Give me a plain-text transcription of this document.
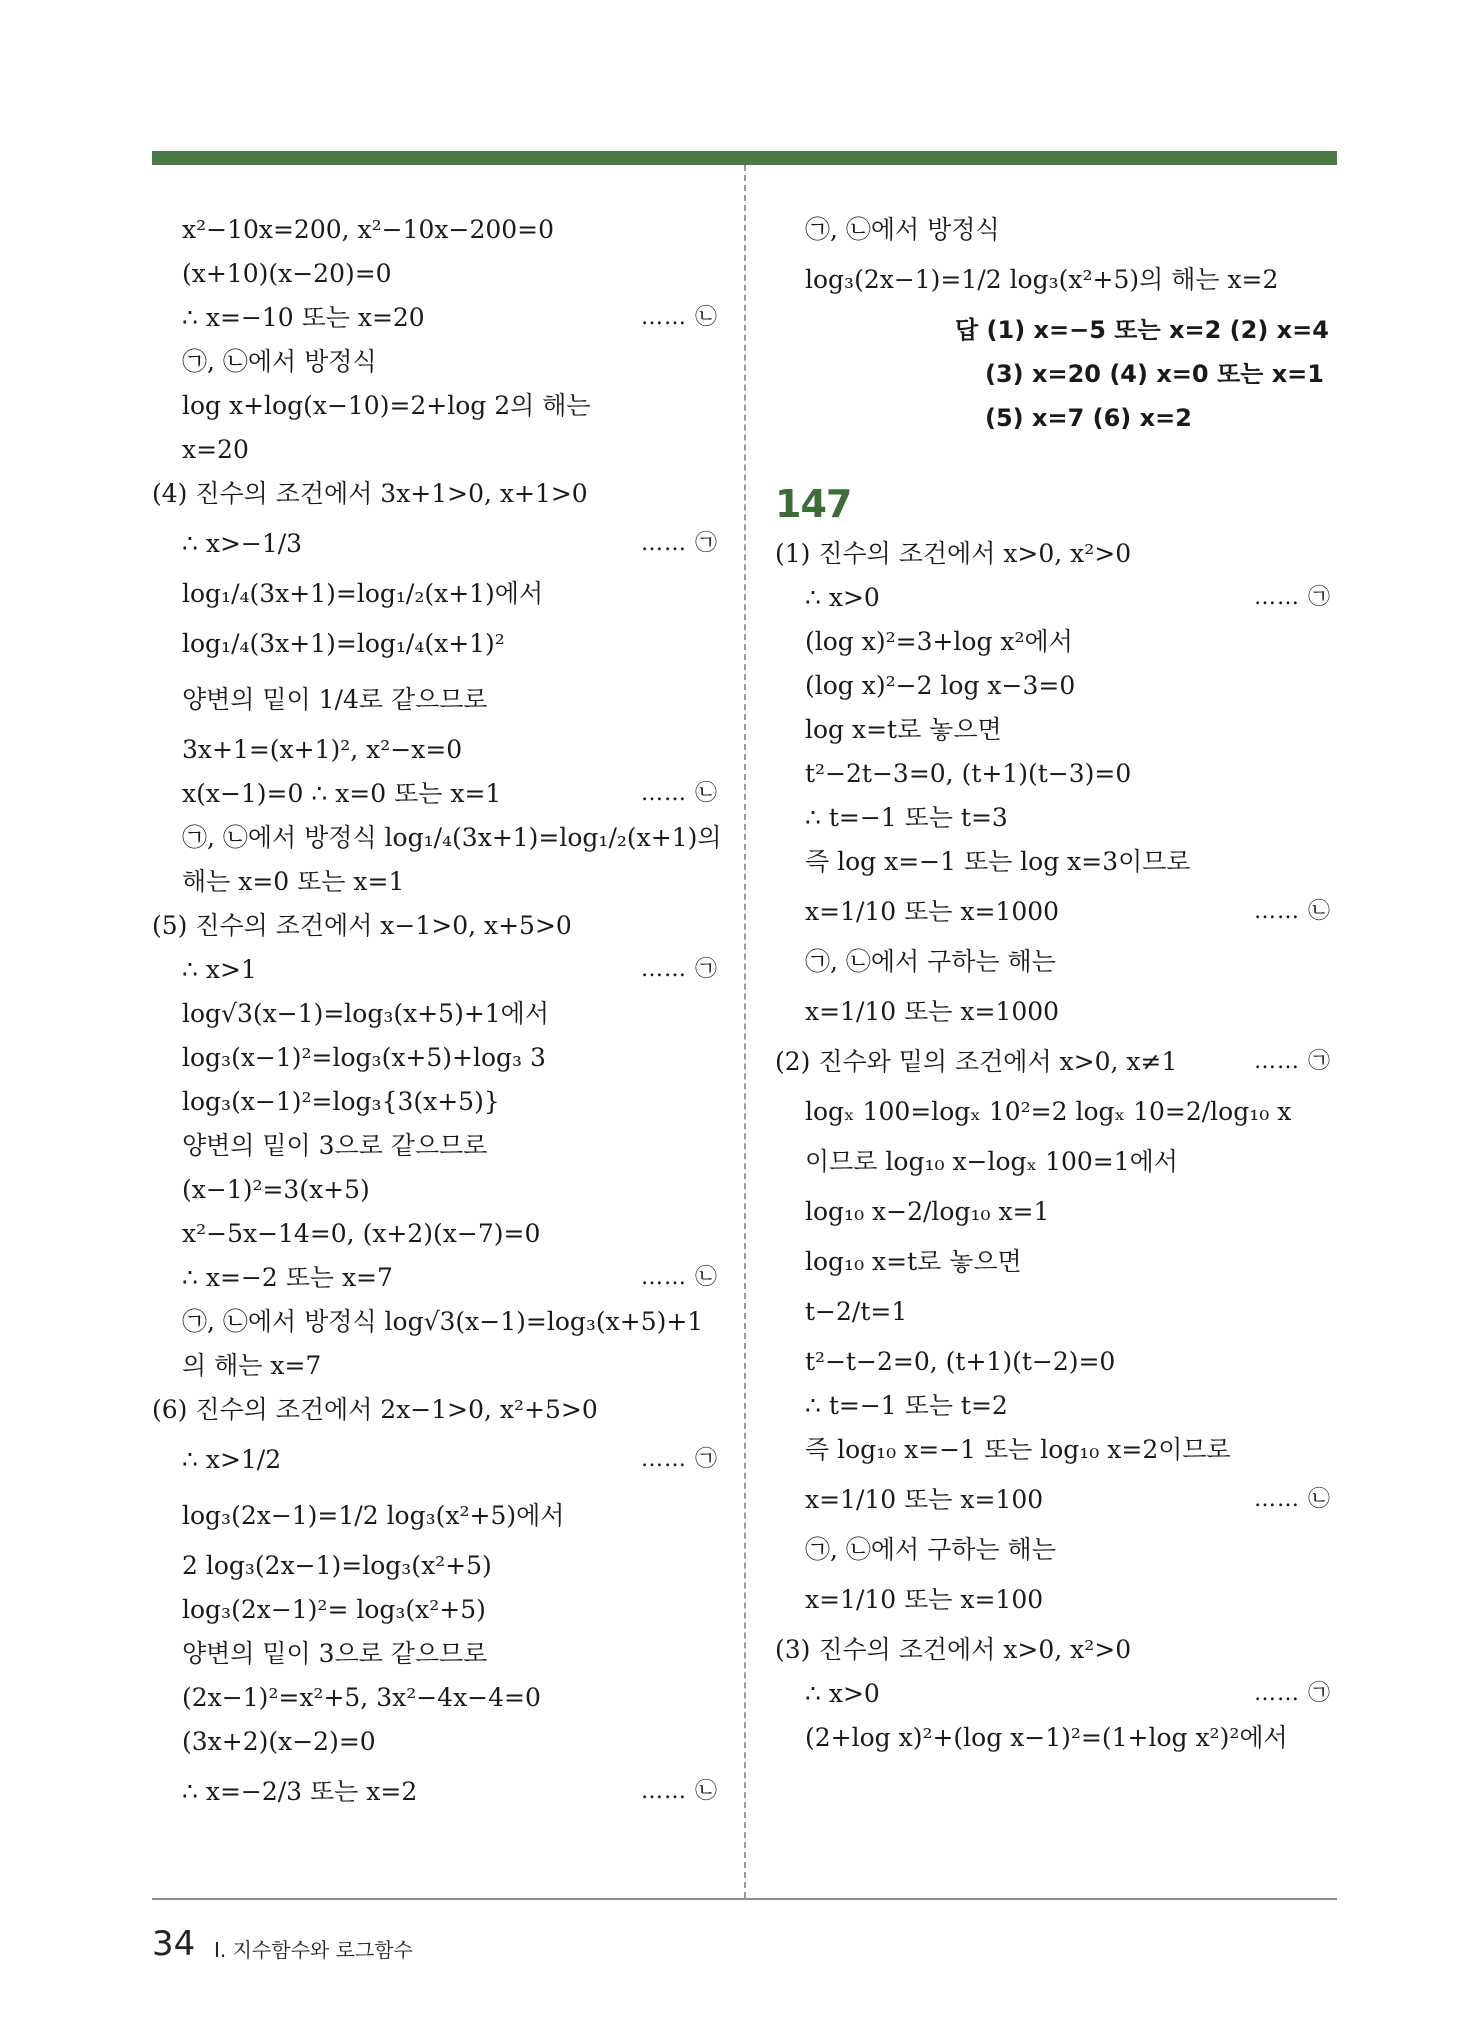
x²−10x=200, x²−10x−200=0
(x+10)(x−20)=0
∴ x=−10 또는 x=20	…… ㉡
㉠, ㉡에서 방정식
log x+log(x−10)=2+log 2의 해는
x=20
(4) 진수의 조건에서 3x+1>0, x+1>0
∴ x>−1/3	…… ㉠
log₁/₄(3x+1)=log₁/₂(x+1)에서
log₁/₄(3x+1)=log₁/₄(x+1)²
양변의 밑이 1/4로 같으므로
3x+1=(x+1)², x²−x=0
x(x−1)=0 ∴ x=0 또는 x=1	…… ㉡
㉠, ㉡에서 방정식 log₁/₄(3x+1)=log₁/₂(x+1)의
해는 x=0 또는 x=1
(5) 진수의 조건에서 x−1>0, x+5>0
∴ x>1	…… ㉠
log√3(x−1)=log₃(x+5)+1에서
log₃(x−1)²=log₃(x+5)+log₃ 3
log₃(x−1)²=log₃{3(x+5)}
양변의 밑이 3으로 같으므로
(x−1)²=3(x+5)
x²−5x−14=0, (x+2)(x−7)=0
∴ x=−2 또는 x=7	…… ㉡
㉠, ㉡에서 방정식 log√3(x−1)=log₃(x+5)+1
의 해는 x=7
(6) 진수의 조건에서 2x−1>0, x²+5>0
∴ x>1/2	…… ㉠
log₃(2x−1)=1/2 log₃(x²+5)에서
2 log₃(2x−1)=log₃(x²+5)
log₃(2x−1)²= log₃(x²+5)
양변의 밑이 3으로 같으므로
(2x−1)²=x²+5, 3x²−4x−4=0
(3x+2)(x−2)=0
∴ x=−2/3 또는 x=2	…… ㉡
㉠, ㉡에서 방정식
log₃(2x−1)=1/2 log₃(x²+5)의 해는 x=2
답 (1) x=−5 또는 x=2 (2) x=4
(3) x=20 (4) x=0 또는 x=1
(5) x=7 (6) x=2
147
(1) 진수의 조건에서 x>0, x²>0
∴ x>0	…… ㉠
(log x)²=3+log x²에서
(log x)²−2 log x−3=0
log x=t로 놓으면
t²−2t−3=0, (t+1)(t−3)=0
∴ t=−1 또는 t=3
즉 log x=−1 또는 log x=3이므로
x=1/10 또는 x=1000	…… ㉡
㉠, ㉡에서 구하는 해는
x=1/10 또는 x=1000
(2) 진수와 밑의 조건에서 x>0, x≠1	…… ㉠
logₓ 100=logₓ 10²=2 logₓ 10=2/log₁₀ x
이므로 log₁₀ x−logₓ 100=1에서
log₁₀ x−2/log₁₀ x=1
log₁₀ x=t로 놓으면
t−2/t=1
t²−t−2=0, (t+1)(t−2)=0
∴ t=−1 또는 t=2
즉 log₁₀ x=−1 또는 log₁₀ x=2이므로
x=1/10 또는 x=100	…… ㉡
㉠, ㉡에서 구하는 해는
x=1/10 또는 x=100
(3) 진수의 조건에서 x>0, x²>0
∴ x>0	…… ㉠
(2+log x)²+(log x−1)²=(1+log x²)²에서
34 Ⅰ. 지수함수와 로그함수
